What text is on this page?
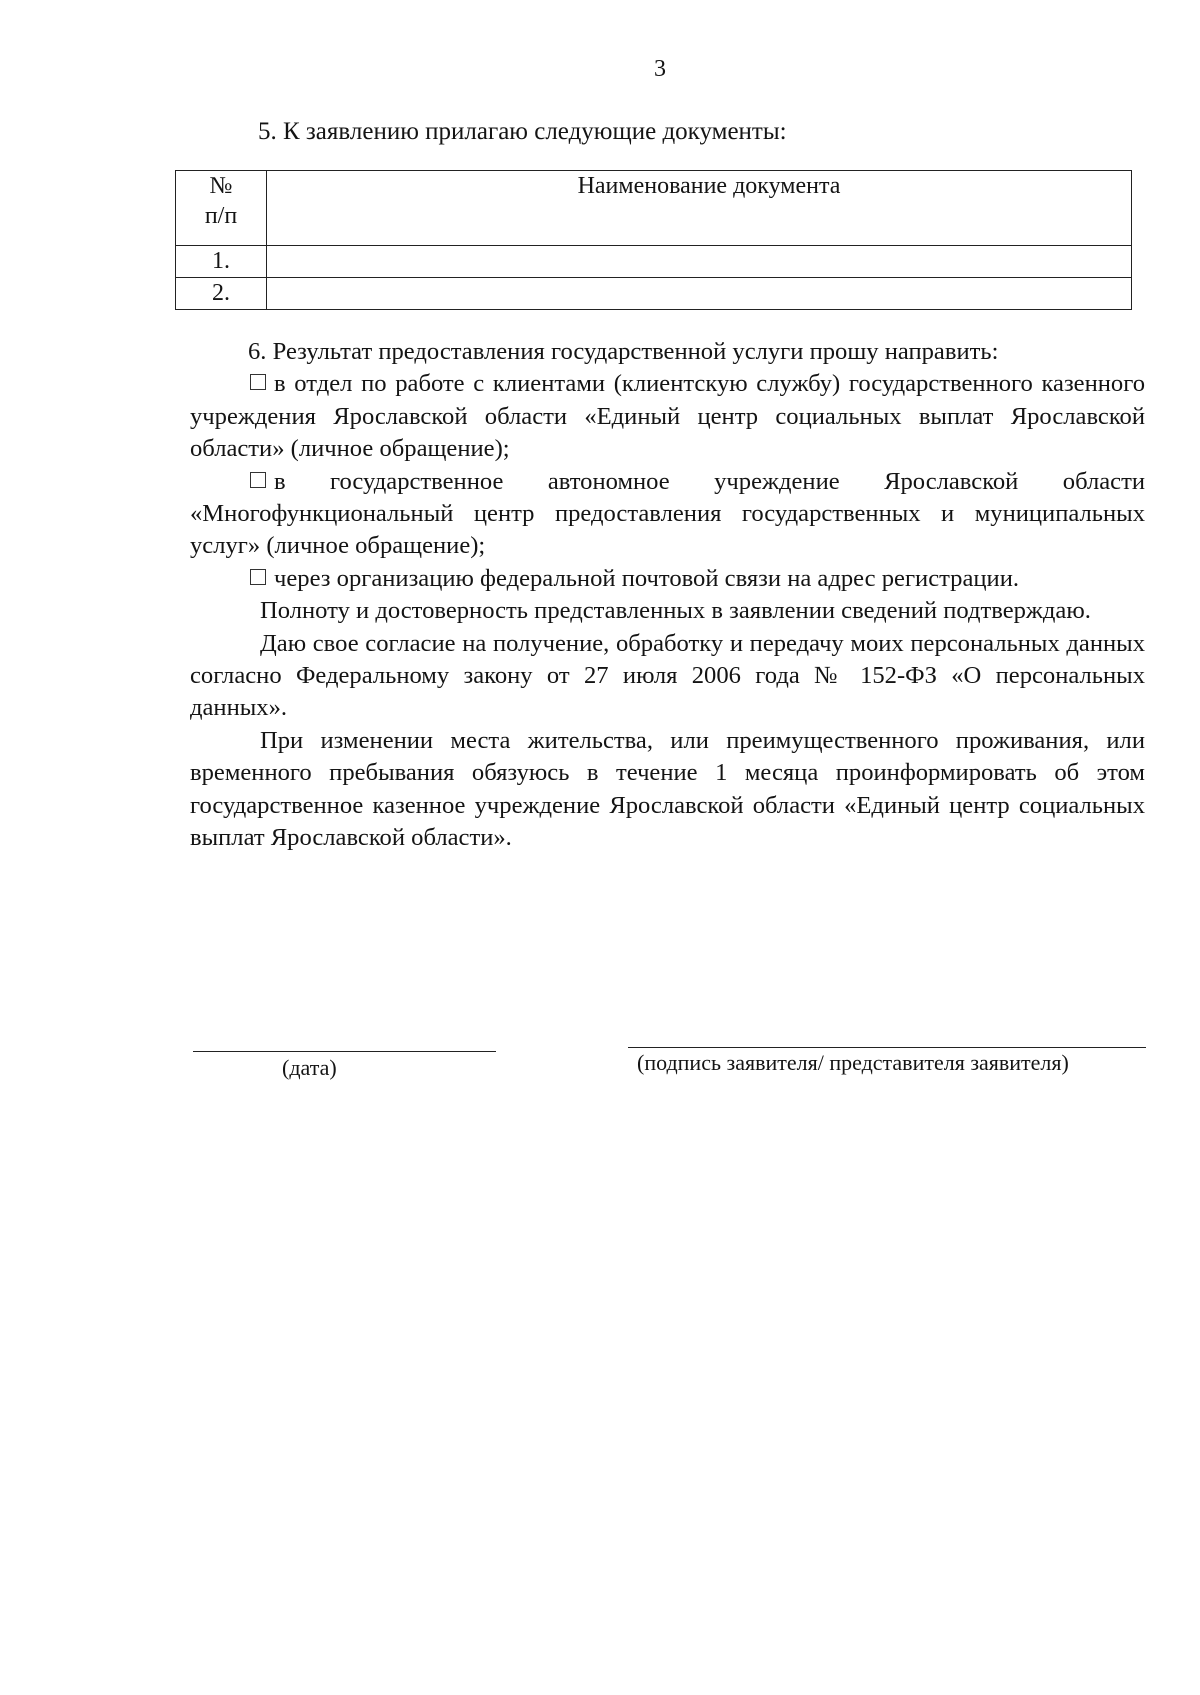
3
5. К заявлению прилагаю следующие документы:
№
п/п	Наименование документа
1.	
2.	

6. Результат предоставления государственной услуги прошу направить:

в отдел по работе с клиентами (клиентскую службу) государственного казенного учреждения Ярославской области «Единый центр социальных выплат Ярославской области» (личное обращение);

в государственное автономное учреждение Ярославской области «Многофункциональный центр предоставления государственных и муниципальных услуг» (личное обращение);

через организацию федеральной почтовой связи на адрес регистрации.

Полноту и достоверность представленных в заявлении сведений подтверждаю.

Даю свое согласие на получение, обработку и передачу моих персональных данных согласно Федеральному закону от 27 июля 2006 года № 152-ФЗ «О персональных данных».

При изменении места жительства, или преимущественного проживания, или временного пребывания обязуюсь в течение 1 месяца проинформировать об этом государственное казенное учреждение Ярославской области «Единый центр социальных выплат Ярославской области».

(дата)	(подпись заявителя/ представителя заявителя)
